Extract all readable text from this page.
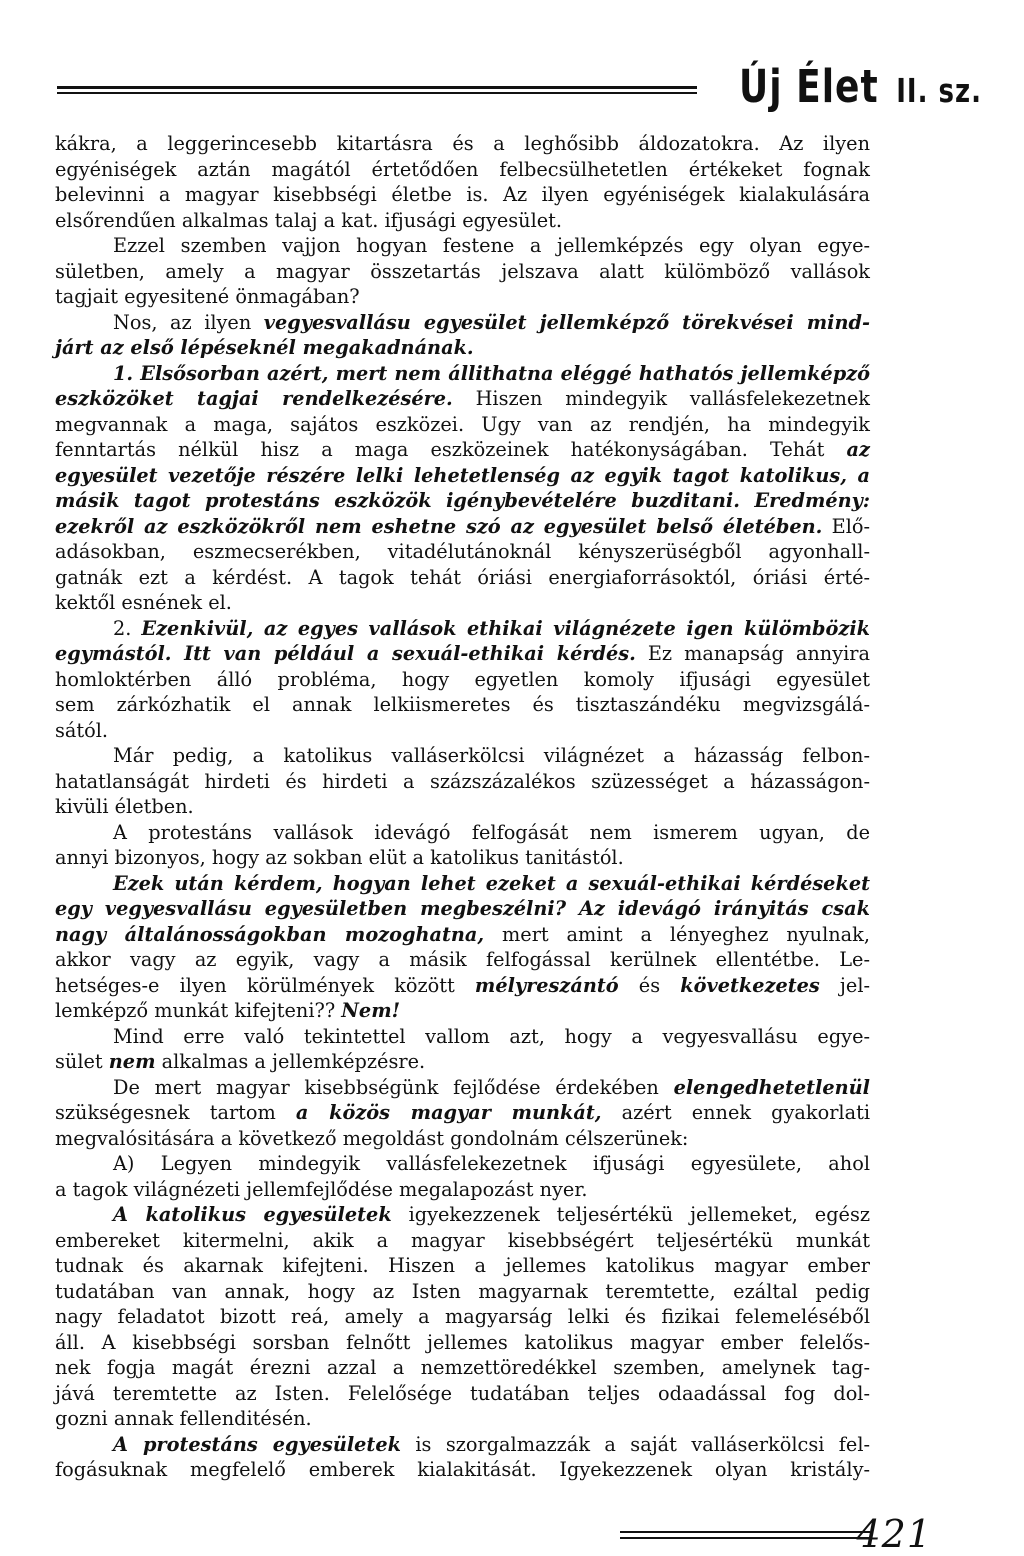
Új Élet II. sz.
kákra, a leggerincesebb kitartásra és a leghősibb áldozatokra. Az ilyen
egyéniségek aztán magától értetődően felbecsülhetetlen értékeket fognak
belevinni a magyar kisebbségi életbe is. Az ilyen egyéniségek kialakulására
elsőrendűen alkalmas talaj a kat. ifjusági egyesület.
Ezzel szemben vajjon hogyan festene a jellemképzés egy olyan egye-
sületben, amely a magyar összetartás jelszava alatt külömböző vallások
tagjait egyesitené önmagában?
Nos, az ilyen vegyesvallásu egyesület jellemképző törekvései mind-
járt az első lépéseknél megakadnának.
1. Elsősorban azért, mert nem állithatna eléggé hathatós jellemképző
eszközöket tagjai rendelkezésére. Hiszen mindegyik vallásfelekezetnek
megvannak a maga, sajátos eszközei. Ugy van az rendjén, ha mindegyik
fenntartás nélkül hisz a maga eszközeinek hatékonyságában. Tehát az
egyesület vezetője részére lelki lehetetlenség az egyik tagot katolikus, a
másik tagot protestáns eszközök igénybevételére buzditani. Eredmény:
ezekről az eszközökről nem eshetne szó az egyesület belső életében. Elő-
adásokban, eszmecserékben, vitadélutánoknál kényszerüségből agyonhall-
gatnák ezt a kérdést. A tagok tehát óriási energiaforrásoktól, óriási érté-
kektől esnének el.
2. Ezenkivül, az egyes vallások ethikai világnézete igen külömbözik
egymástól. Itt van például a sexuál-ethikai kérdés. Ez manapság annyira
homloktérben álló probléma, hogy egyetlen komoly ifjusági egyesület
sem zárkózhatik el annak lelkiismeretes és tisztaszándéku megvizsgálá-
sától.
Már pedig, a katolikus valláserkölcsi világnézet a házasság felbon-
hatatlanságát hirdeti és hirdeti a százszázalékos szüzességet a házasságon-
kivüli életben.
A protestáns vallások idevágó felfogását nem ismerem ugyan, de
annyi bizonyos, hogy az sokban elüt a katolikus tanitástól.
Ezek után kérdem, hogyan lehet ezeket a sexuál-ethikai kérdéseket
egy vegyesvallásu egyesületben megbeszélni? Az idevágó irányitás csak
nagy általánosságokban mozoghatna, mert amint a lényeghez nyulnak,
akkor vagy az egyik, vagy a másik felfogással kerülnek ellentétbe. Le-
hetséges-e ilyen körülmények között mélyreszántó és következetes jel-
lemképző munkát kifejteni?? Nem!
Mind erre való tekintettel vallom azt, hogy a vegyesvallásu egye-
sület nem alkalmas a jellemképzésre.
De mert magyar kisebbségünk fejlődése érdekében elengedhetetlenül
szükségesnek tartom a közös magyar munkát, azért ennek gyakorlati
megvalósitására a következő megoldást gondolnám célszerünek:
A) Legyen mindegyik vallásfelekezetnek ifjusági egyesülete, ahol
a tagok világnézeti jellemfejlődése megalapozást nyer.
A katolikus egyesületek igyekezzenek teljesértékü jellemeket, egész
embereket kitermelni, akik a magyar kisebbségért teljesértékü munkát
tudnak és akarnak kifejteni. Hiszen a jellemes katolikus magyar ember
tudatában van annak, hogy az Isten magyarnak teremtette, ezáltal pedig
nagy feladatot bizott reá, amely a magyarság lelki és fizikai felemeléséből
áll. A kisebbségi sorsban felnőtt jellemes katolikus magyar ember felelős-
nek fogja magát érezni azzal a nemzettöredékkel szemben, amelynek tag-
jává teremtette az Isten. Felelősége tudatában teljes odaadással fog dol-
gozni annak fellenditésén.
A protestáns egyesületek is szorgalmazzák a saját valláserkölcsi fel-
fogásuknak megfelelő emberek kialakitását. Igyekezzenek olyan kristály-
421
